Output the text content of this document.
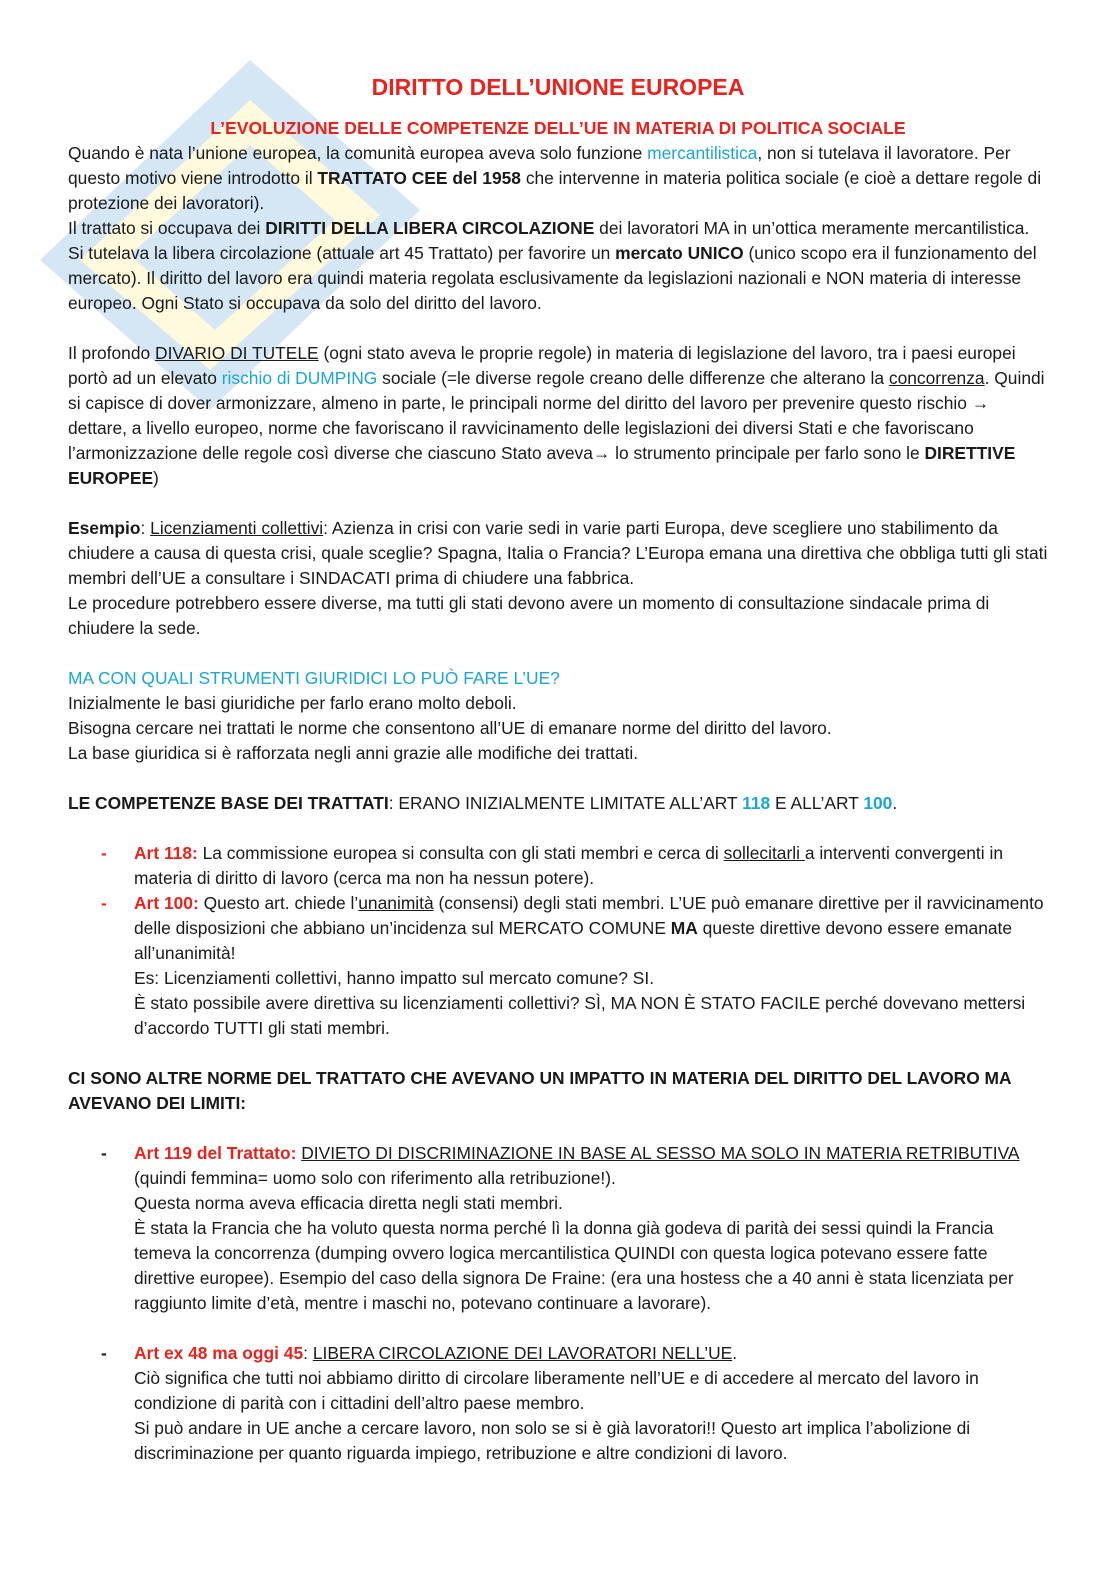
DIRITTO DELL’UNIONE EUROPEA
L’EVOLUZIONE DELLE COMPETENZE DELL’UE IN MATERIA DI POLITICA SOCIALE

Quando è nata l’unione europea, la comunità europea aveva solo funzione mercantilistica, non si tutelava il lavoratore. Per questo motivo viene introdotto il TRATTATO CEE del 1958 che intervenne in materia politica sociale (e cioè a dettare regole di protezione dei lavoratori).

Il trattato si occupava dei DIRITTI DELLA LIBERA CIRCOLAZIONE dei lavoratori MA in un’ottica meramente mercantilistica. Si tutelava la libera circolazione (attuale art 45 Trattato) per favorire un mercato UNICO (unico scopo era il funzionamento del mercato). Il diritto del lavoro era quindi materia regolata esclusivamente da legislazioni nazionali e NON materia di interesse europeo. Ogni Stato si occupava da solo del diritto del lavoro.

Il profondo DIVARIO DI TUTELE (ogni stato aveva le proprie regole) in materia di legislazione del lavoro, tra i paesi europei portò ad un elevato rischio di DUMPING sociale (=le diverse regole creano delle differenze che alterano la concorrenza. Quindi si capisce di dover armonizzare, almeno in parte, le principali norme del diritto del lavoro per prevenire questo rischio → dettare, a livello europeo, norme che favoriscano il ravvicinamento delle legislazioni dei diversi Stati e che favoriscano l’armonizzazione delle regole così diverse che ciascuno Stato aveva→ lo strumento principale per farlo sono le DIRETTIVE EUROPEE)

Esempio: Licenziamenti collettivi: Azienza in crisi con varie sedi in varie parti Europa, deve scegliere uno stabilimento da chiudere a causa di questa crisi, quale sceglie? Spagna, Italia o Francia? L’Europa emana una direttiva che obbliga tutti gli stati membri dell’UE a consultare i SINDACATI prima di chiudere una fabbrica.

Le procedure potrebbero essere diverse, ma tutti gli stati devono avere un momento di consultazione sindacale prima di chiudere la sede.

MA CON QUALI STRUMENTI GIURIDICI LO PUÒ FARE L’UE?

Inizialmente le basi giuridiche per farlo erano molto deboli.

Bisogna cercare nei trattati le norme che consentono all’UE di emanare norme del diritto del lavoro.

La base giuridica si è rafforzata negli anni grazie alle modifiche dei trattati.

LE COMPETENZE BASE DEI TRATTATI: ERANO INIZIALMENTE LIMITATE ALL’ART 118 E ALL’ART 100.

- Art 118: La commissione europea si consulta con gli stati membri e cerca di sollecitarli a interventi convergenti in materia di diritto di lavoro (cerca ma non ha nessun potere).
- Art 100: Questo art. chiede l’unanimità (consensi) degli stati membri. L’UE può emanare direttive per il ravvicinamento delle disposizioni che abbiano un’incidenza sul MERCATO COMUNE MA queste direttive devono essere emanate all’unanimità!
Es: Licenziamenti collettivi, hanno impatto sul mercato comune? SI.
È stato possibile avere direttiva su licenziamenti collettivi? SÌ, MA NON È STATO FACILE perché dovevano mettersi d’accordo TUTTI gli stati membri.

CI SONO ALTRE NORME DEL TRATTATO CHE AVEVANO UN IMPATTO IN MATERIA DEL DIRITTO DEL LAVORO MA AVEVANO DEI LIMITI:

- Art 119 del Trattato: DIVIETO DI DISCRIMINAZIONE IN BASE AL SESSO MA SOLO IN MATERIA RETRIBUTIVA (quindi femmina= uomo solo con riferimento alla retribuzione!).
Questa norma aveva efficacia diretta negli stati membri.
È stata la Francia che ha voluto questa norma perché lì la donna già godeva di parità dei sessi quindi la Francia temeva la concorrenza (dumping ovvero logica mercantilistica QUINDI con questa logica potevano essere fatte direttive europee). Esempio del caso della signora De Fraine: (era una hostess che a 40 anni è stata licenziata per raggiunto limite d’età, mentre i maschi no, potevano continuare a lavorare).
- Art ex 48 ma oggi 45: LIBERA CIRCOLAZIONE DEI LAVORATORI NELL’UE.
Ciò significa che tutti noi abbiamo diritto di circolare liberamente nell’UE e di accedere al mercato del lavoro in condizione di parità con i cittadini dell’altro paese membro.
Si può andare in UE anche a cercare lavoro, non solo se si è già lavoratori!! Questo art implica l’abolizione di discriminazione per quanto riguarda impiego, retribuzione e altre condizioni di lavoro.
